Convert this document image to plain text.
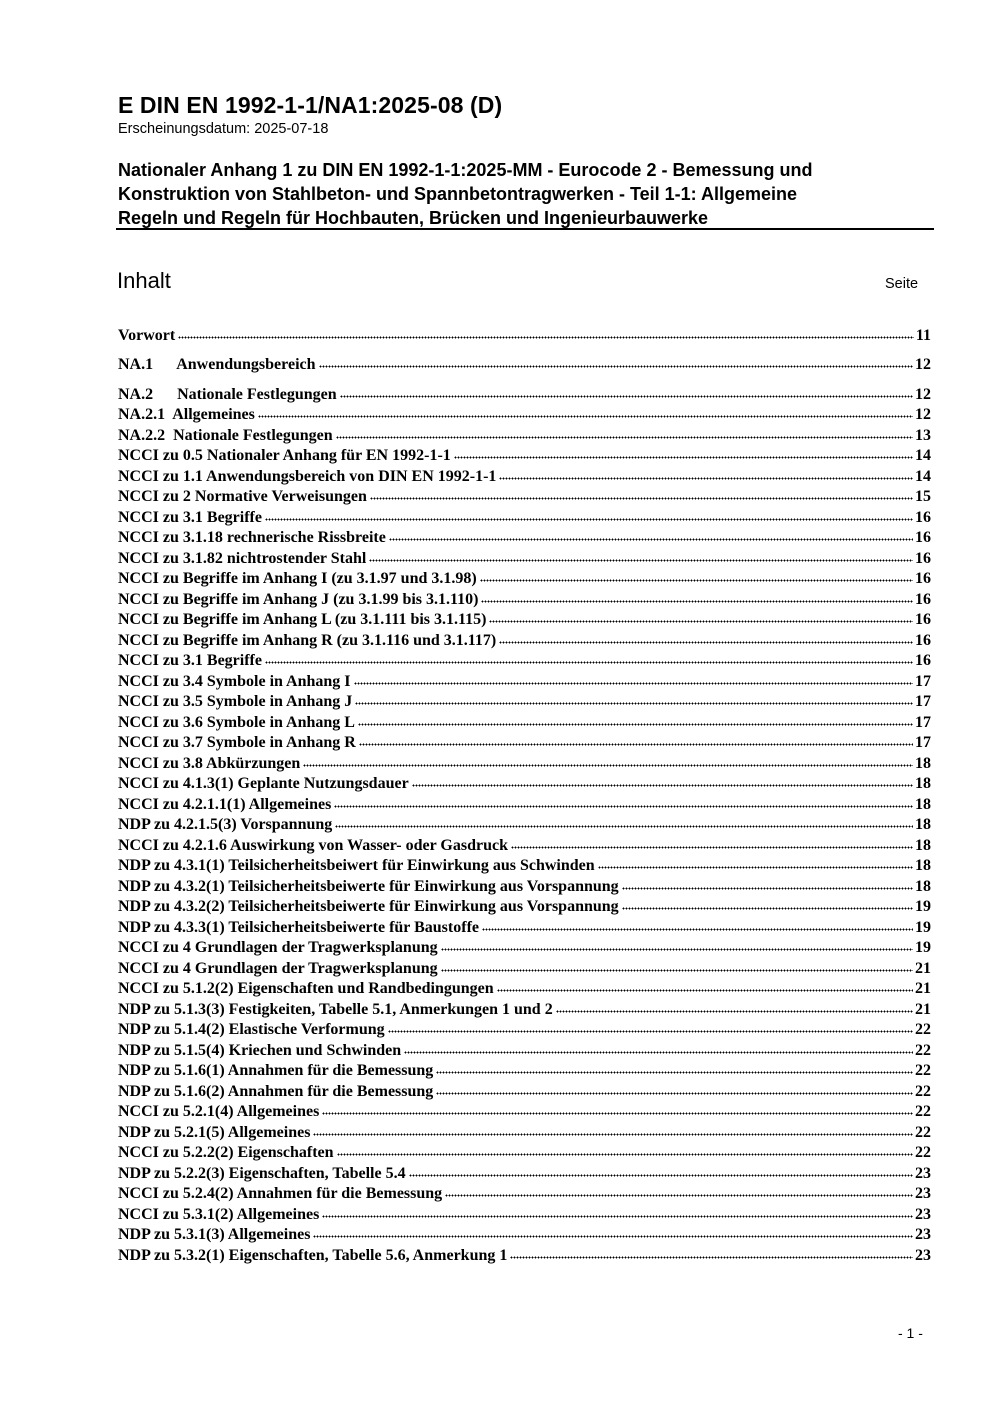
E DIN EN 1992-1-1/NA1:2025-08 (D)
Erscheinungsdatum: 2025-07-18
Nationaler Anhang 1 zu DIN EN 1992-1-1:2025-MM - Eurocode 2 - Bemessung und
Konstruktion von Stahlbeton- und Spannbetontragwerken - Teil 1-1: Allgemeine
Regeln und Regeln für Hochbauten, Brücken und Ingenieurbauwerke
Inhalt	Seite
Vorwort	11
NA.1      Anwendungsbereich	12
NA.2      Nationale Festlegungen	12
NA.2.1  Allgemeines	12
NA.2.2  Nationale Festlegungen	13
NCCI zu 0.5 Nationaler Anhang für EN 1992-1-1	14
NCCI zu 1.1 Anwendungsbereich von DIN EN 1992-1-1	14
NCCI zu 2 Normative Verweisungen	15
NCCI zu 3.1 Begriffe	16
NCCI zu 3.1.18 rechnerische Rissbreite	16
NCCI zu 3.1.82 nichtrostender Stahl	16
NCCI zu Begriffe im Anhang I (zu 3.1.97 und 3.1.98)	16
NCCI zu Begriffe im Anhang J (zu 3.1.99 bis 3.1.110)	16
NCCI zu Begriffe im Anhang L (zu 3.1.111 bis 3.1.115)	16
NCCI zu Begriffe im Anhang R (zu 3.1.116 und 3.1.117)	16
NCCI zu 3.1 Begriffe	16
NCCI zu 3.4 Symbole in Anhang I	17
NCCI zu 3.5 Symbole in Anhang J	17
NCCI zu 3.6 Symbole in Anhang L	17
NCCI zu 3.7 Symbole in Anhang R	17
NCCI zu 3.8 Abkürzungen	18
NCCI zu 4.1.3(1) Geplante Nutzungsdauer	18
NCCI zu 4.2.1.1(1) Allgemeines	18
NDP zu 4.2.1.5(3) Vorspannung	18
NCCI zu 4.2.1.6 Auswirkung von Wasser- oder Gasdruck	18
NDP zu 4.3.1(1) Teilsicherheitsbeiwert für Einwirkung aus Schwinden	18
NDP zu 4.3.2(1) Teilsicherheitsbeiwerte für Einwirkung aus Vorspannung	18
NDP zu 4.3.2(2) Teilsicherheitsbeiwerte für Einwirkung aus Vorspannung	19
NDP zu 4.3.3(1) Teilsicherheitsbeiwerte für Baustoffe	19
NCCI zu 4 Grundlagen der Tragwerksplanung	19
NCCI zu 4 Grundlagen der Tragwerksplanung	21
NCCI zu 5.1.2(2) Eigenschaften und Randbedingungen	21
NDP zu 5.1.3(3) Festigkeiten, Tabelle 5.1, Anmerkungen 1 und 2	21
NDP zu 5.1.4(2) Elastische Verformung	22
NDP zu 5.1.5(4) Kriechen und Schwinden	22
NDP zu 5.1.6(1) Annahmen für die Bemessung	22
NDP zu 5.1.6(2) Annahmen für die Bemessung	22
NCCI zu 5.2.1(4) Allgemeines	22
NDP zu 5.2.1(5) Allgemeines	22
NCCI zu 5.2.2(2) Eigenschaften	22
NDP zu 5.2.2(3) Eigenschaften, Tabelle 5.4	23
NCCI zu 5.2.4(2) Annahmen für die Bemessung	23
NCCI zu 5.3.1(2) Allgemeines	23
NDP zu 5.3.1(3) Allgemeines	23
NDP zu 5.3.2(1) Eigenschaften, Tabelle 5.6, Anmerkung 1	23
- 1 -
